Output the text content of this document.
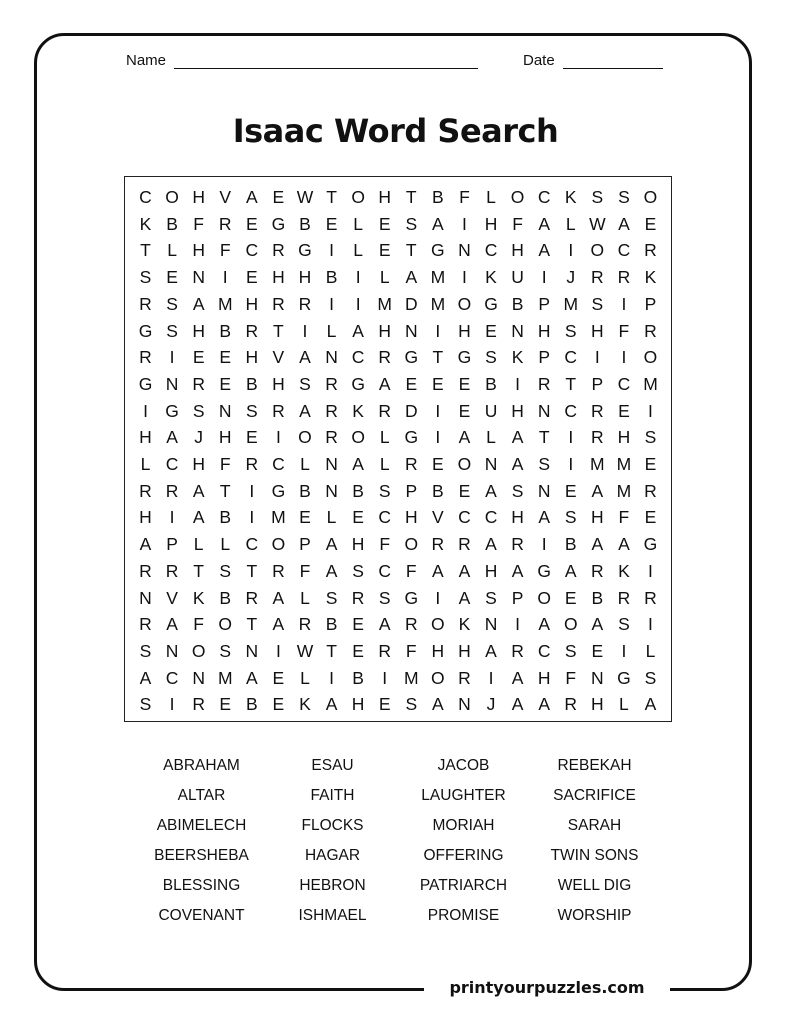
Name	Date
Isaac Word Search
C O H V A E W T O H T B F L O C K S S O
K B F R E G B E L E S A	I	H F A L W A E
T L H F C R G I	L E T G N C H A	I O C R
S E N	I	E H H B	I	L A M I	K U	I	J R R K
R S A M H R R	I	I M D M O G B P M S	I	P
G S H B R T	I	L A H N	I	H E N H S H F R
R	I	E E H V A N C R G T G S K P C	I	I O
G N R E B H S R G A E E E B	I	R T P C M
I G S N S R A R K R D	I	E U H N C R E	I
H A J H E	I O R O L G I	A L A T	I	R H S
L C H F R C L N A L R E O N A S	I M M E
R R A T	I G B N B S P B E A S N E A M R
H	I	A B	I M E L E C H V C C H A S H F E
A P L L C O P A H F O R R A R	I	B A A G
R R T S T R F A S C F A A H A G A R K	I
N V K B R A L S R S G I	A S P O E B R R
R A F O T A R B E A R O K N	I	A O A S	I
S N O S N	I W T E R F H H A R C S E	I	L
A C N M A E L	I	B	I M O R	I	A H F N G S
S	I	R E B E K A H E S A N J A A R H L A
ABRAHAM	ESAU	JACOB	REBEKAH
ALTAR	FAITH	LAUGHTER	SACRIFICE
ABIMELECH	FLOCKS	MORIAH	SARAH
BEERSHEBA	HAGAR	OFFERING	TWIN SONS
BLESSING	HEBRON	PATRIARCH	WELL DIG
COVENANT	ISHMAEL	PROMISE	WORSHIP
printyourpuzzles.com
